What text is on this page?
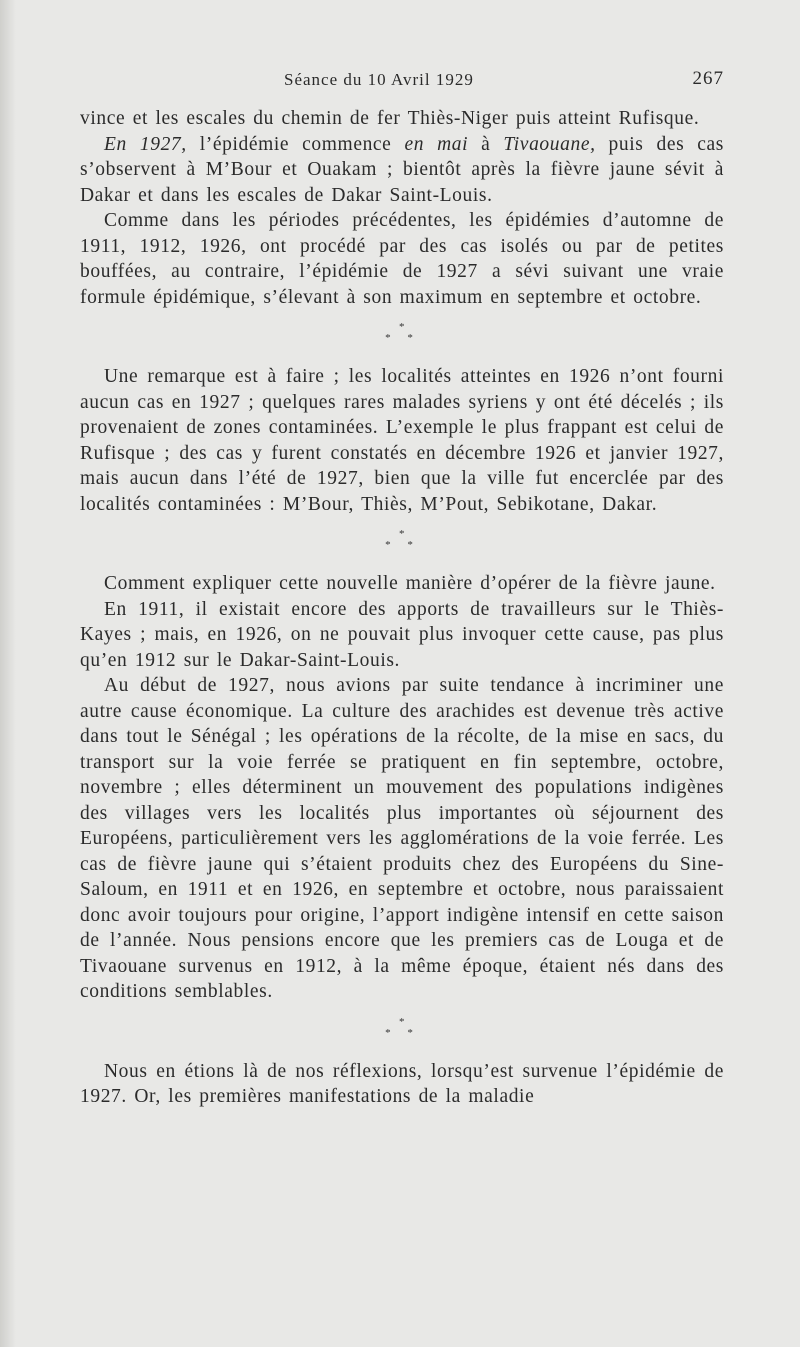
Séance du 10 Avril 1929	267

vince et les escales du chemin de fer Thiès-Niger puis atteint Rufisque.

En 1927, l’épidémie commence en mai à Tivaouane, puis des cas s’observent à M’Bour et Ouakam ; bientôt après la fièvre jaune sévit à Dakar et dans les escales de Dakar Saint-Louis.

Comme dans les périodes précédentes, les épidémies d’automne de 1911, 1912, 1926, ont procédé par des cas isolés ou par de petites bouffées, au contraire, l’épidémie de 1927 a sévi suivant une vraie formule épidémique, s’élevant à son maximum en septembre et octobre.

*
* *

Une remarque est à faire ; les localités atteintes en 1926 n’ont fourni aucun cas en 1927 ; quelques rares malades syriens y ont été décelés ; ils provenaient de zones contaminées. L’exemple le plus frappant est celui de Rufisque ; des cas y furent constatés en décembre 1926 et janvier 1927, mais aucun dans l’été de 1927, bien que la ville fut encerclée par des localités contaminées : M’Bour, Thiès, M’Pout, Sebikotane, Dakar.

*
* *

Comment expliquer cette nouvelle manière d’opérer de la fièvre jaune.

En 1911, il existait encore des apports de travailleurs sur le Thiès-Kayes ; mais, en 1926, on ne pouvait plus invoquer cette cause, pas plus qu’en 1912 sur le Dakar-Saint-Louis.

Au début de 1927, nous avions par suite tendance à incriminer une autre cause économique. La culture des arachides est devenue très active dans tout le Sénégal ; les opérations de la récolte, de la mise en sacs, du transport sur la voie ferrée se pratiquent en fin septembre, octobre, novembre ; elles déterminent un mouvement des populations indigènes des villages vers les localités plus importantes où séjournent des Européens, particulièrement vers les agglomérations de la voie ferrée. Les cas de fièvre jaune qui s’étaient produits chez des Européens du Sine-Saloum, en 1911 et en 1926, en septembre et octobre, nous paraissaient donc avoir toujours pour origine, l’apport indigène intensif en cette saison de l’année. Nous pensions encore que les premiers cas de Louga et de Tivaouane survenus en 1912, à la même époque, étaient nés dans des conditions semblables.

*
* *

Nous en étions là de nos réflexions, lorsqu’est survenue l’épidémie de 1927. Or, les premières manifestations de la maladie
